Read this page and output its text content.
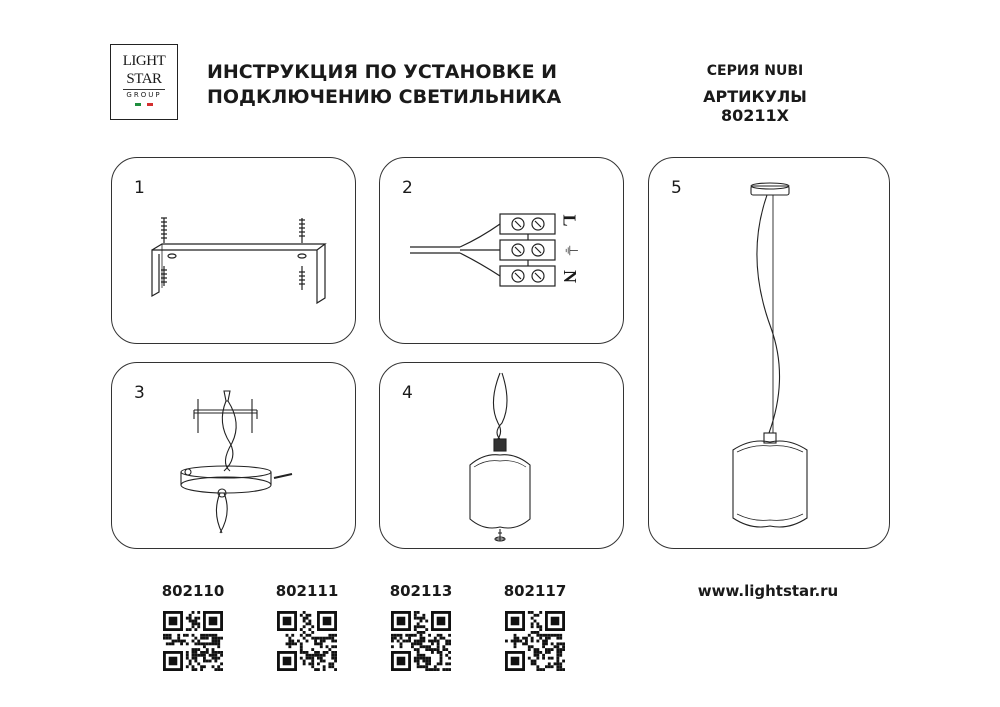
LIGHT
STAR
GROUP
ИНСТРУКЦИЯ ПО УСТАНОВКЕ И
ПОДКЛЮЧЕНИЮ СВЕТИЛЬНИКА
СЕРИЯ NUBI
АРТИКУЛЫ 80211X
1	2
L
⏚
N
3	4
5
802110	802111	802113	802117	www.lightstar.ru
